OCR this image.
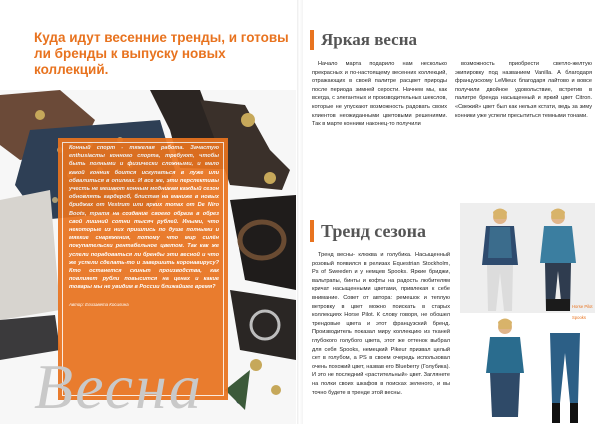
Куда идут весенние тренды, и готовы ли бренды к выпуску новых коллекций.
Конный спорт - тяжелая работа. Зачастую enthusiасты конного спорта, требуют, чтобы быть полными и физически сложными, и мало какой конник боится искупаться в луже или обвалиться в опилках. И все же, эти перспективы учесть не мешают конным модникам каждый сезон обновлять гардероб, блистая на маниже в новых бриджах от Vestrum или ярких топах от De Niro Boots, тратя на создание своего образа в обрез свой лишний сотни тысяч рублей. Иными, что некоторые из них пришлись по душе полными и мягкие снаряжения, потому что мир силён покупательски рентабельное цветом. Так как же успели порадоваться ли бренды эти весной и что же успели сделать-то и завершить коронавирусу? Кто останется скиньт производства, как повлияет рубли повысится на ценах и какие товары мы не увидим в России ближайшее время?
Автор: Елизавета Косилина
Весна
Яркая весна

Начало марта подарило нам несколько прекрасных и по-настоящему весенних коллекций, отражающих в своей палитре расцвет природы после периода зимней серости. Начнем мы, как всегда, с элегантных и производительных шекслов, которые не упускают возможность радовать своих клиентов неожиданными цветовыми решениями. Так в марте конники наконец-то получили

возможность приобрести светло-желтую экипировку под названием Vanilla. А благодаря французскому LeMieux благодаря лайтово и вовсе получили двойное удовольствие, встретив в палитре бренда насыщенный и яркий цвет Citron. «Свежий» цвет был как нельзя кстати, ведь за зиму конники уже успели пресытиться темными тонами.

Тренд сезона

Тренд весны- клюква и голубика. Насыщенный розовый появился в релизах Equestrian Stockholm, Ps of Sweeden и у немцев Spooks. Яркие бриджи, вальтрапы, бинты и кофты на радость любителям кричат насыщенными цветами, привлекая к себе внимание. Совет от автора: ремешок и теплую ветровку в цвет можно поискать в старых коллекциях Horse Pilot. К слову говоря, не обошел трендовые цвета и этот французский бренд. Производитель показал миру коллекцию из тканей глубокого голубого цвета, этот же оттенок выбрал для себя Spooks, немецкий Pikeur призвал целый сет в голубом, а PS в своем очередь использовал очень похожий цвет, назвав его Blueberry (Голубика). И это не последний «растительный» цвет. Заглянете на полки своих шкафов в поисках зеленого, и вы точно будете в тренде этой весны.

Horse Pilot
Spooks
